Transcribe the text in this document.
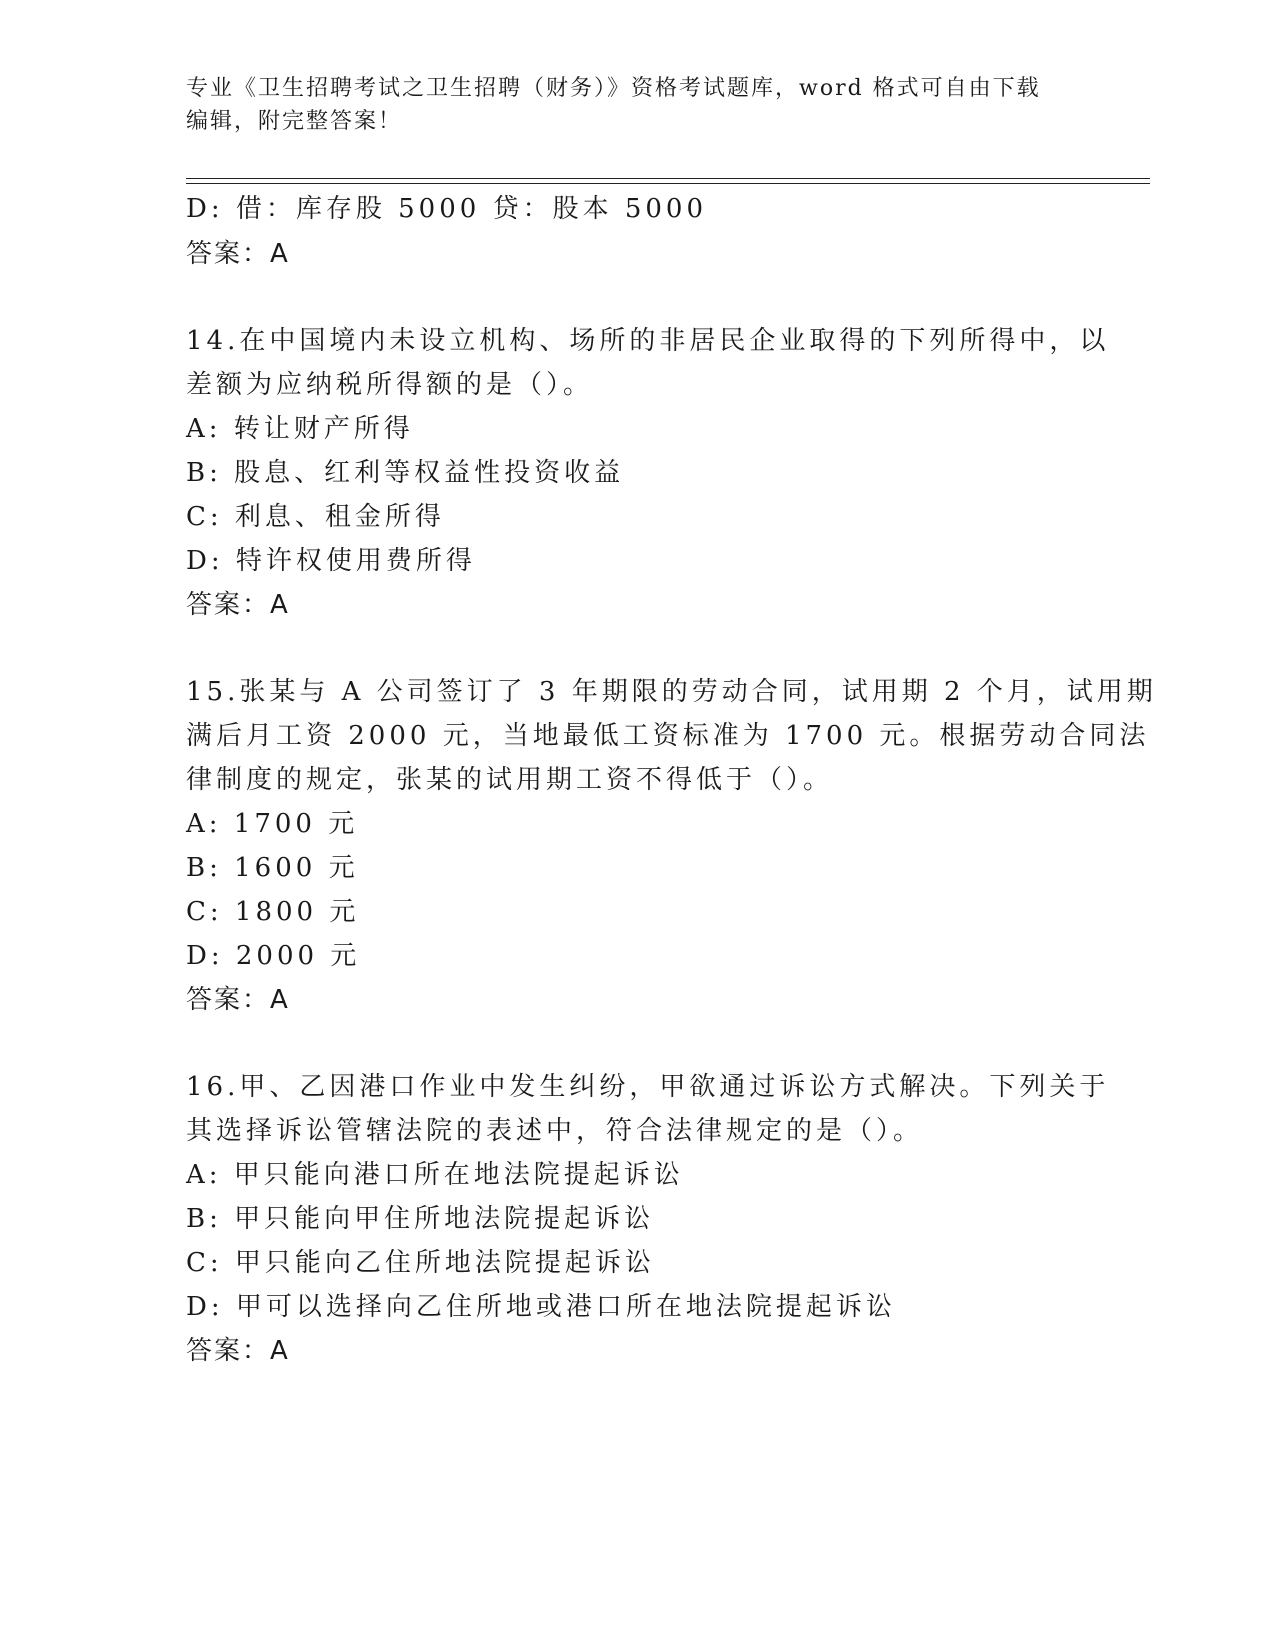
专业《卫生招聘考试之卫生招聘（财务）》资格考试题库，word 格式可自由下载
编辑，附完整答案！
D: 借：库存股 5000 贷：股本 5000
答案：A
14.在中国境内未设立机构、场所的非居民企业取得的下列所得中，以
差额为应纳税所得额的是（）。
A: 转让财产所得
B: 股息、红利等权益性投资收益
C: 利息、租金所得
D: 特许权使用费所得
答案：A
15.张某与 A 公司签订了 3 年期限的劳动合同，试用期 2 个月，试用期
满后月工资 2000 元，当地最低工资标准为 1700 元。根据劳动合同法
律制度的规定，张某的试用期工资不得低于（）。
A: 1700 元
B: 1600 元
C: 1800 元
D: 2000 元
答案：A
16.甲、乙因港口作业中发生纠纷，甲欲通过诉讼方式解决。下列关于
其选择诉讼管辖法院的表述中，符合法律规定的是（）。
A: 甲只能向港口所在地法院提起诉讼
B: 甲只能向甲住所地法院提起诉讼
C: 甲只能向乙住所地法院提起诉讼
D: 甲可以选择向乙住所地或港口所在地法院提起诉讼
答案：A
